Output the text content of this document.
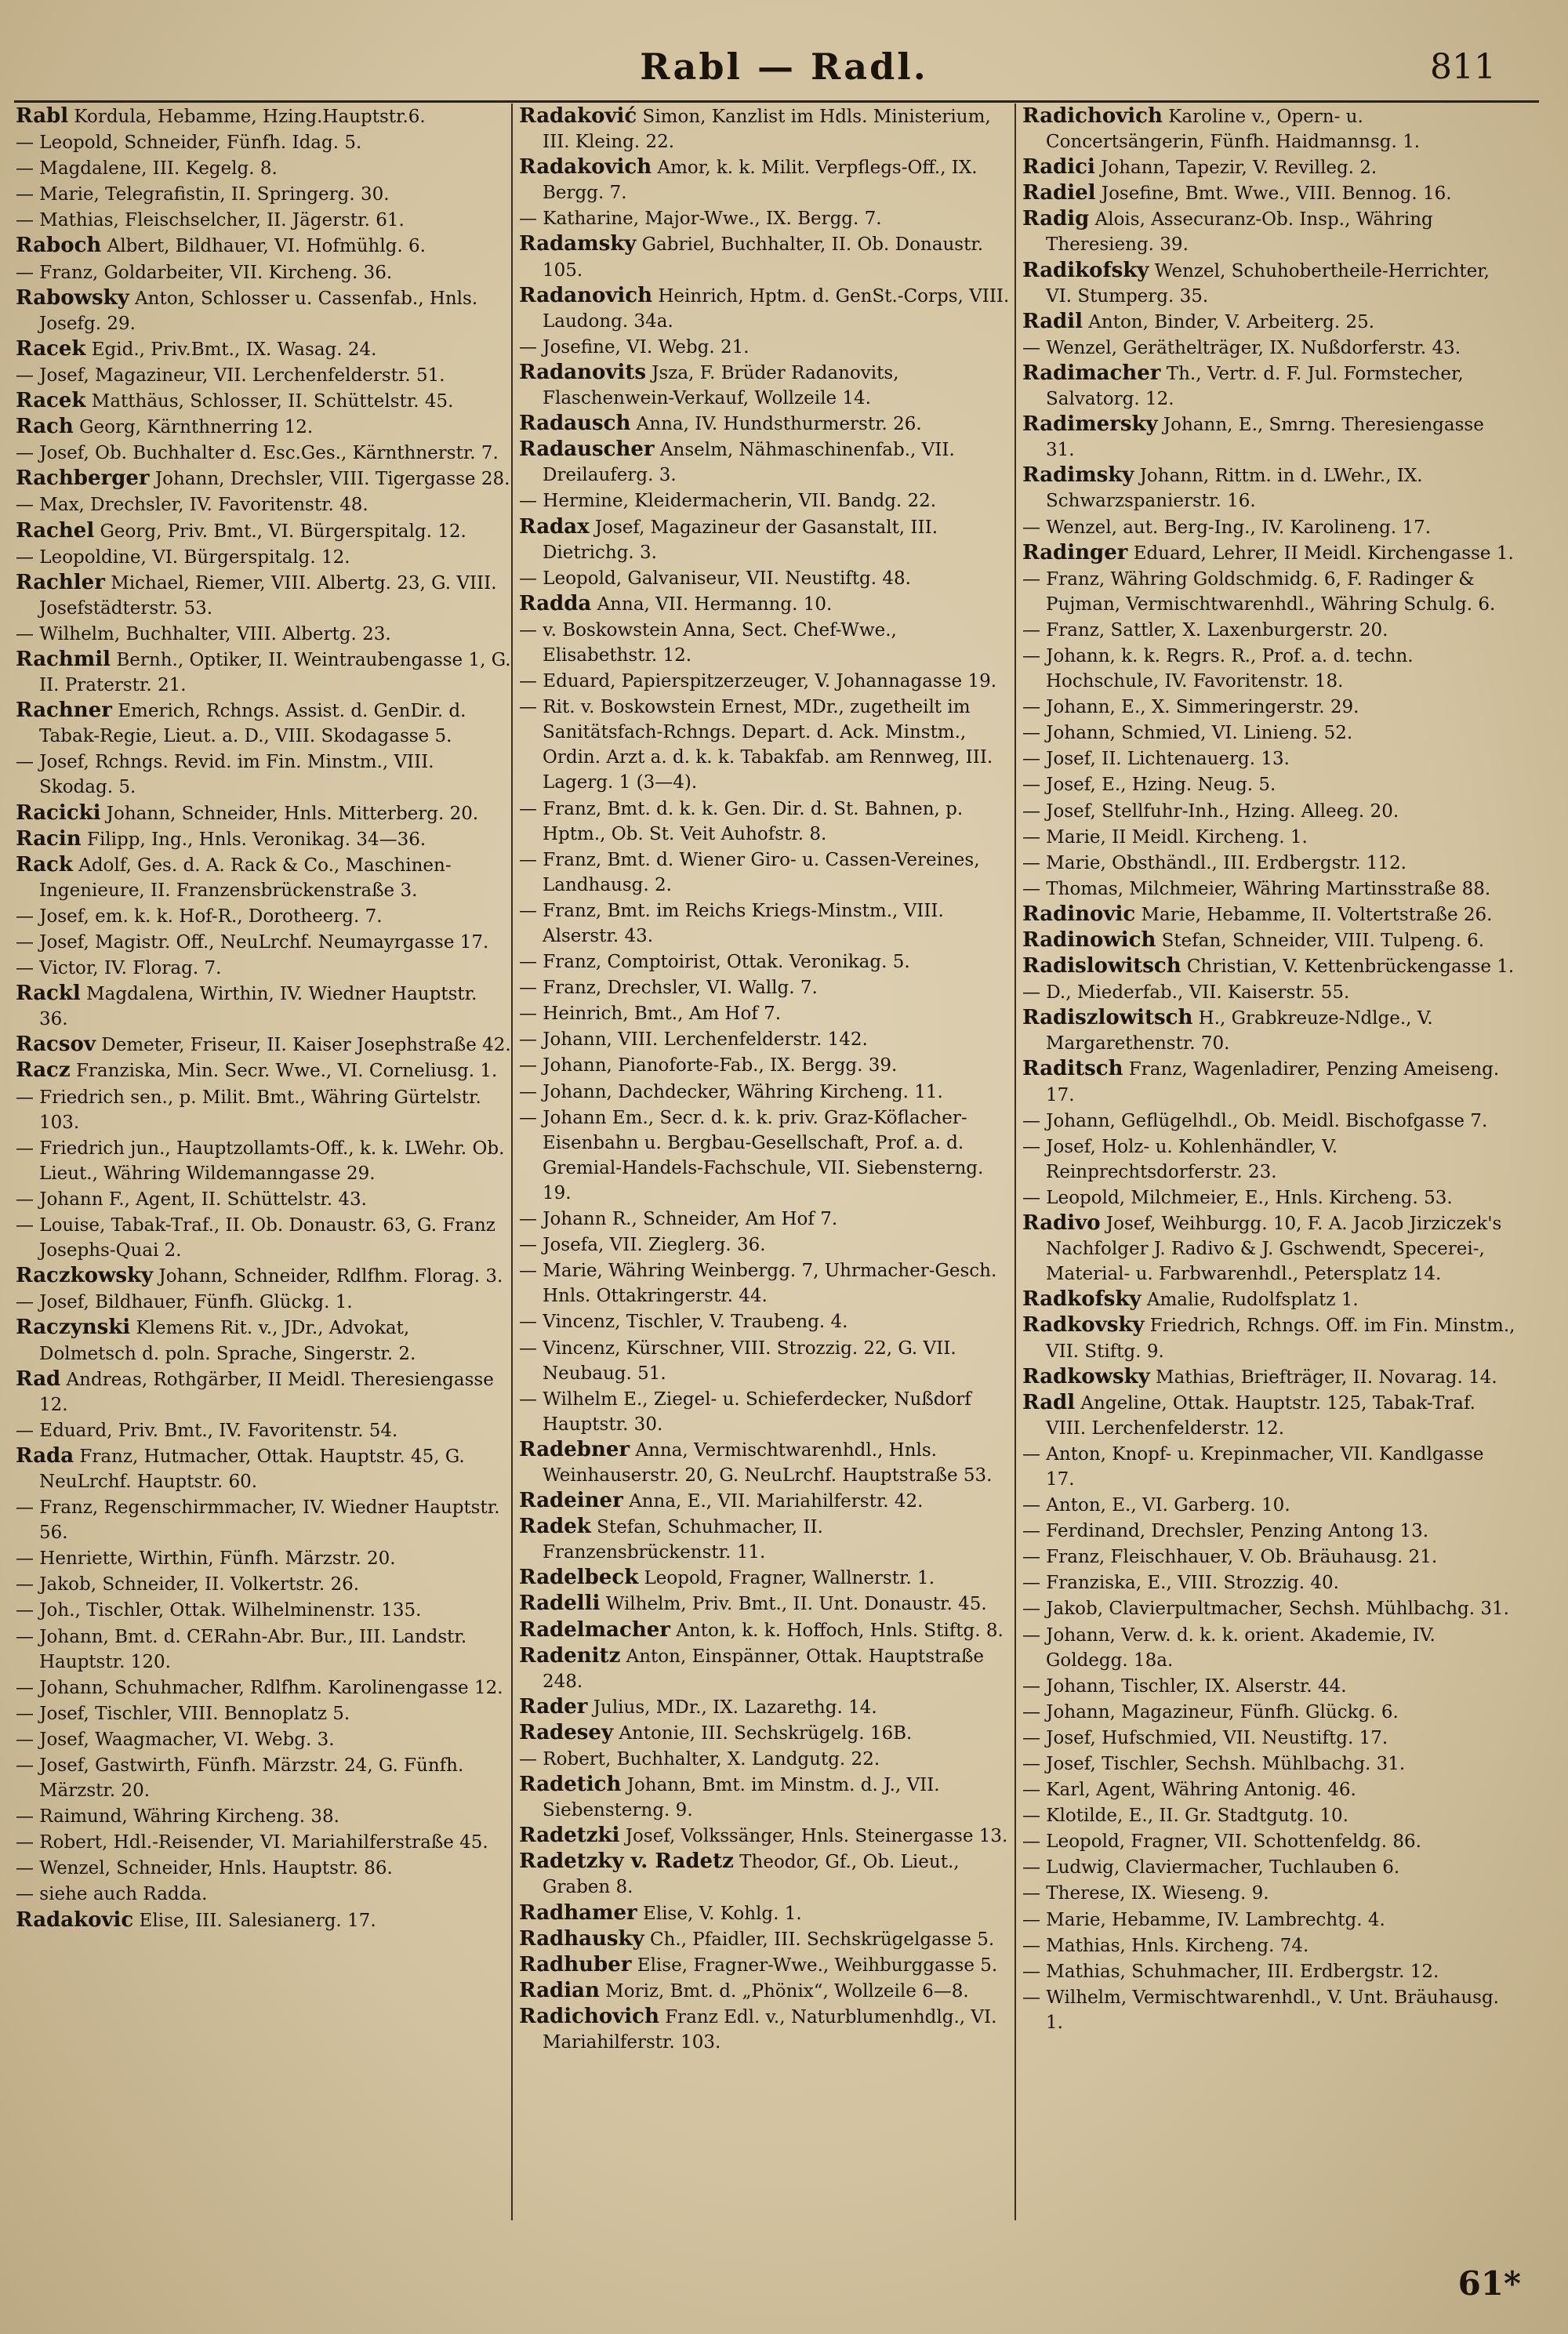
Rabl — Radl.	811
Rabl Kordula, Hebamme, Hzing.Hauptstr.6.
— Leopold, Schneider, Fünfh. Idag. 5.
— Magdalene, III. Kegelg. 8.
— Marie, Telegrafistin, II. Springerg. 30.
— Mathias, Fleischselcher, II. Jägerstr. 61.
Raboch Albert, Bildhauer, VI. Hofmühlg. 6.
— Franz, Goldarbeiter, VII. Kircheng. 36.
Rabowsky Anton, Schlosser u. Cassenfab., Hnls. Josefg. 29.
Racek Egid., Priv.Bmt., IX. Wasag. 24.
— Josef, Magazineur, VII. Lerchenfelderstr. 51.
Racek Matthäus, Schlosser, II. Schüttelstr. 45.
Rach Georg, Kärnthnerring 12.
— Josef, Ob. Buchhalter d. Esc.Ges., Kärnthnerstr. 7.
Rachberger Johann, Drechsler, VIII. Tigergasse 28.
— Max, Drechsler, IV. Favoritenstr. 48.
Rachel Georg, Priv. Bmt., VI. Bürgerspitalg. 12.
— Leopoldine, VI. Bürgerspitalg. 12.
Rachler Michael, Riemer, VIII. Albertg. 23, G. VIII. Josefstädterstr. 53.
— Wilhelm, Buchhalter, VIII. Albertg. 23.
Rachmil Bernh., Optiker, II. Weintraubengasse 1, G. II. Praterstr. 21.
Rachner Emerich, Rchngs. Assist. d. GenDir. d. Tabak-Regie, Lieut. a. D., VIII. Skodagasse 5.
— Josef, Rchngs. Revid. im Fin. Minstm., VIII. Skodag. 5.
Racicki Johann, Schneider, Hnls. Mitterberg. 20.
Racin Filipp, Ing., Hnls. Veronikag. 34—36.
Rack Adolf, Ges. d. A. Rack & Co., Maschinen-Ingenieure, II. Franzensbrückenstraße 3.
— Josef, em. k. k. Hof-R., Dorotheerg. 7.
— Josef, Magistr. Off., NeuLrchf. Neumayrgasse 17.
— Victor, IV. Florag. 7.
Rackl Magdalena, Wirthin, IV. Wiedner Hauptstr. 36.
Racsov Demeter, Friseur, II. Kaiser Josephstraße 42.
Racz Franziska, Min. Secr. Wwe., VI. Corneliusg. 1.
— Friedrich sen., p. Milit. Bmt., Währing Gürtelstr. 103.
— Friedrich jun., Hauptzollamts-Off., k. k. LWehr. Ob. Lieut., Währing Wildemanngasse 29.
— Johann F., Agent, II. Schüttelstr. 43.
— Louise, Tabak-Traf., II. Ob. Donaustr. 63, G. Franz Josephs-Quai 2.
Raczkowsky Johann, Schneider, Rdlfhm. Florag. 3.
— Josef, Bildhauer, Fünfh. Glückg. 1.
Raczynski Klemens Rit. v., JDr., Advokat, Dolmetsch d. poln. Sprache, Singerstr. 2.
Rad Andreas, Rothgärber, II Meidl. Theresiengasse 12.
— Eduard, Priv. Bmt., IV. Favoritenstr. 54.
Rada Franz, Hutmacher, Ottak. Hauptstr. 45, G. NeuLrchf. Hauptstr. 60.
— Franz, Regenschirmmacher, IV. Wiedner Hauptstr. 56.
— Henriette, Wirthin, Fünfh. Märzstr. 20.
— Jakob, Schneider, II. Volkertstr. 26.
— Joh., Tischler, Ottak. Wilhelminenstr. 135.
— Johann, Bmt. d. CERahn-Abr. Bur., III. Landstr. Hauptstr. 120.
— Johann, Schuhmacher, Rdlfhm. Karolinengasse 12.
— Josef, Tischler, VIII. Bennoplatz 5.
— Josef, Waagmacher, VI. Webg. 3.
— Josef, Gastwirth, Fünfh. Märzstr. 24, G. Fünfh. Märzstr. 20.
— Raimund, Währing Kircheng. 38.
— Robert, Hdl.-Reisender, VI. Mariahilferstraße 45.
— Wenzel, Schneider, Hnls. Hauptstr. 86.
— siehe auch Radda.
Radakovic Elise, III. Salesianerg. 17.
Radaković Simon, Kanzlist im Hdls. Ministerium, III. Kleing. 22.
Radakovich Amor, k. k. Milit. Verpflegs-Off., IX. Bergg. 7.
— Katharine, Major-Wwe., IX. Bergg. 7.
Radamsky Gabriel, Buchhalter, II. Ob. Donaustr. 105.
Radanovich Heinrich, Hptm. d. GenSt.-Corps, VIII. Laudong. 34a.
— Josefine, VI. Webg. 21.
Radanovits Jsza, F. Brüder Radanovits, Flaschenwein-Verkauf, Wollzeile 14.
Radausch Anna, IV. Hundsthurmerstr. 26.
Radauscher Anselm, Nähmaschinenfab., VII. Dreilauferg. 3.
— Hermine, Kleidermacherin, VII. Bandg. 22.
Radax Josef, Magazineur der Gasanstalt, III. Dietrichg. 3.
— Leopold, Galvaniseur, VII. Neustiftg. 48.
Radda Anna, VII. Hermanng. 10.
— v. Boskowstein Anna, Sect. Chef-Wwe., Elisabethstr. 12.
— Eduard, Papierspitzerzeuger, V. Johannagasse 19.
— Rit. v. Boskowstein Ernest, MDr., zugetheilt im Sanitätsfach-Rchngs. Depart. d. Ack. Minstm., Ordin. Arzt a. d. k. k. Tabakfab. am Rennweg, III. Lagerg. 1 (3—4).
— Franz, Bmt. d. k. k. Gen. Dir. d. St. Bahnen, p. Hptm., Ob. St. Veit Auhofstr. 8.
— Franz, Bmt. d. Wiener Giro- u. Cassen-Vereines, Landhausg. 2.
— Franz, Bmt. im Reichs Kriegs-Minstm., VIII. Alserstr. 43.
— Franz, Comptoirist, Ottak. Veronikag. 5.
— Franz, Drechsler, VI. Wallg. 7.
— Heinrich, Bmt., Am Hof 7.
— Johann, VIII. Lerchenfelderstr. 142.
— Johann, Pianoforte-Fab., IX. Bergg. 39.
— Johann, Dachdecker, Währing Kircheng. 11.
— Johann Em., Secr. d. k. k. priv. Graz-Köflacher-Eisenbahn u. Bergbau-Gesellschaft, Prof. a. d. Gremial-Handels-Fachschule, VII. Siebensterng. 19.
— Johann R., Schneider, Am Hof 7.
— Josefa, VII. Zieglerg. 36.
— Marie, Währing Weinbergg. 7, Uhrmacher-Gesch. Hnls. Ottakringerstr. 44.
— Vincenz, Tischler, V. Traubeng. 4.
— Vincenz, Kürschner, VIII. Strozzig. 22, G. VII. Neubaug. 51.
— Wilhelm E., Ziegel- u. Schieferdecker, Nußdorf Hauptstr. 30.
Radebner Anna, Vermischtwarenhdl., Hnls. Weinhauserstr. 20, G. NeuLrchf. Hauptstraße 53.
Radeiner Anna, E., VII. Mariahilferstr. 42.
Radek Stefan, Schuhmacher, II. Franzensbrückenstr. 11.
Radelbeck Leopold, Fragner, Wallnerstr. 1.
Radelli Wilhelm, Priv. Bmt., II. Unt. Donaustr. 45.
Radelmacher Anton, k. k. Hoffoch, Hnls. Stiftg. 8.
Radenitz Anton, Einspänner, Ottak. Hauptstraße 248.
Rader Julius, MDr., IX. Lazarethg. 14.
Radesey Antonie, III. Sechskrügelg. 16B.
— Robert, Buchhalter, X. Landgutg. 22.
Radetich Johann, Bmt. im Minstm. d. J., VII. Siebensterng. 9.
Radetzki Josef, Volkssänger, Hnls. Steinergasse 13.
Radetzky v. Radetz Theodor, Gf., Ob. Lieut., Graben 8.
Radhamer Elise, V. Kohlg. 1.
Radhausky Ch., Pfaidler, III. Sechskrügelgasse 5.
Radhuber Elise, Fragner-Wwe., Weihburggasse 5.
Radian Moriz, Bmt. d. „Phönix“, Wollzeile 6—8.
Radichovich Franz Edl. v., Naturblumenhdlg., VI. Mariahilferstr. 103.
Radichovich Karoline v., Opern- u. Concertsängerin, Fünfh. Haidmannsg. 1.
Radici Johann, Tapezir, V. Revilleg. 2.
Radiel Josefine, Bmt. Wwe., VIII. Bennog. 16.
Radig Alois, Assecuranz-Ob. Insp., Währing Theresieng. 39.
Radikofsky Wenzel, Schuhobertheile-Herrichter, VI. Stumperg. 35.
Radil Anton, Binder, V. Arbeiterg. 25.
— Wenzel, Geräthelträger, IX. Nußdorferstr. 43.
Radimacher Th., Vertr. d. F. Jul. Formstecher, Salvatorg. 12.
Radimersky Johann, E., Smrng. Theresiengasse 31.
Radimsky Johann, Rittm. in d. LWehr., IX. Schwarzspanierstr. 16.
— Wenzel, aut. Berg-Ing., IV. Karolineng. 17.
Radinger Eduard, Lehrer, II Meidl. Kirchengasse 1.
— Franz, Währing Goldschmidg. 6, F. Radinger & Pujman, Vermischtwarenhdl., Währing Schulg. 6.
— Franz, Sattler, X. Laxenburgerstr. 20.
— Johann, k. k. Regrs. R., Prof. a. d. techn. Hochschule, IV. Favoritenstr. 18.
— Johann, E., X. Simmeringerstr. 29.
— Johann, Schmied, VI. Linieng. 52.
— Josef, II. Lichtenauerg. 13.
— Josef, E., Hzing. Neug. 5.
— Josef, Stellfuhr-Inh., Hzing. Alleeg. 20.
— Marie, II Meidl. Kircheng. 1.
— Marie, Obsthändl., III. Erdbergstr. 112.
— Thomas, Milchmeier, Währing Martinsstraße 88.
Radinovic Marie, Hebamme, II. Voltertstraße 26.
Radinowich Stefan, Schneider, VIII. Tulpeng. 6.
Radislowitsch Christian, V. Kettenbrückengasse 1.
— D., Miederfab., VII. Kaiserstr. 55.
Radiszlowitsch H., Grabkreuze-Ndlge., V. Margarethenstr. 70.
Raditsch Franz, Wagenladirer, Penzing Ameiseng. 17.
— Johann, Geflügelhdl., Ob. Meidl. Bischofgasse 7.
— Josef, Holz- u. Kohlenhändler, V. Reinprechtsdorferstr. 23.
— Leopold, Milchmeier, E., Hnls. Kircheng. 53.
Radivo Josef, Weihburgg. 10, F. A. Jacob Jirziczek's Nachfolger J. Radivo & J. Gschwendt, Specerei-, Material- u. Farbwarenhdl., Petersplatz 14.
Radkofsky Amalie, Rudolfsplatz 1.
Radkovsky Friedrich, Rchngs. Off. im Fin. Minstm., VII. Stiftg. 9.
Radkowsky Mathias, Briefträger, II. Novarag. 14.
Radl Angeline, Ottak. Hauptstr. 125, Tabak-Traf. VIII. Lerchenfelderstr. 12.
— Anton, Knopf- u. Krepinmacher, VII. Kandlgasse 17.
— Anton, E., VI. Garberg. 10.
— Ferdinand, Drechsler, Penzing Antong 13.
— Franz, Fleischhauer, V. Ob. Bräuhausg. 21.
— Franziska, E., VIII. Strozzig. 40.
— Jakob, Clavierpultmacher, Sechsh. Mühlbachg. 31.
— Johann, Verw. d. k. k. orient. Akademie, IV. Goldegg. 18a.
— Johann, Tischler, IX. Alserstr. 44.
— Johann, Magazineur, Fünfh. Glückg. 6.
— Josef, Hufschmied, VII. Neustiftg. 17.
— Josef, Tischler, Sechsh. Mühlbachg. 31.
— Karl, Agent, Währing Antonig. 46.
— Klotilde, E., II. Gr. Stadtgutg. 10.
— Leopold, Fragner, VII. Schottenfeldg. 86.
— Ludwig, Claviermacher, Tuchlauben 6.
— Therese, IX. Wieseng. 9.
— Marie, Hebamme, IV. Lambrechtg. 4.
— Mathias, Hnls. Kircheng. 74.
— Mathias, Schuhmacher, III. Erdbergstr. 12.
— Wilhelm, Vermischtwarenhdl., V. Unt. Bräuhausg. 1.
61*
